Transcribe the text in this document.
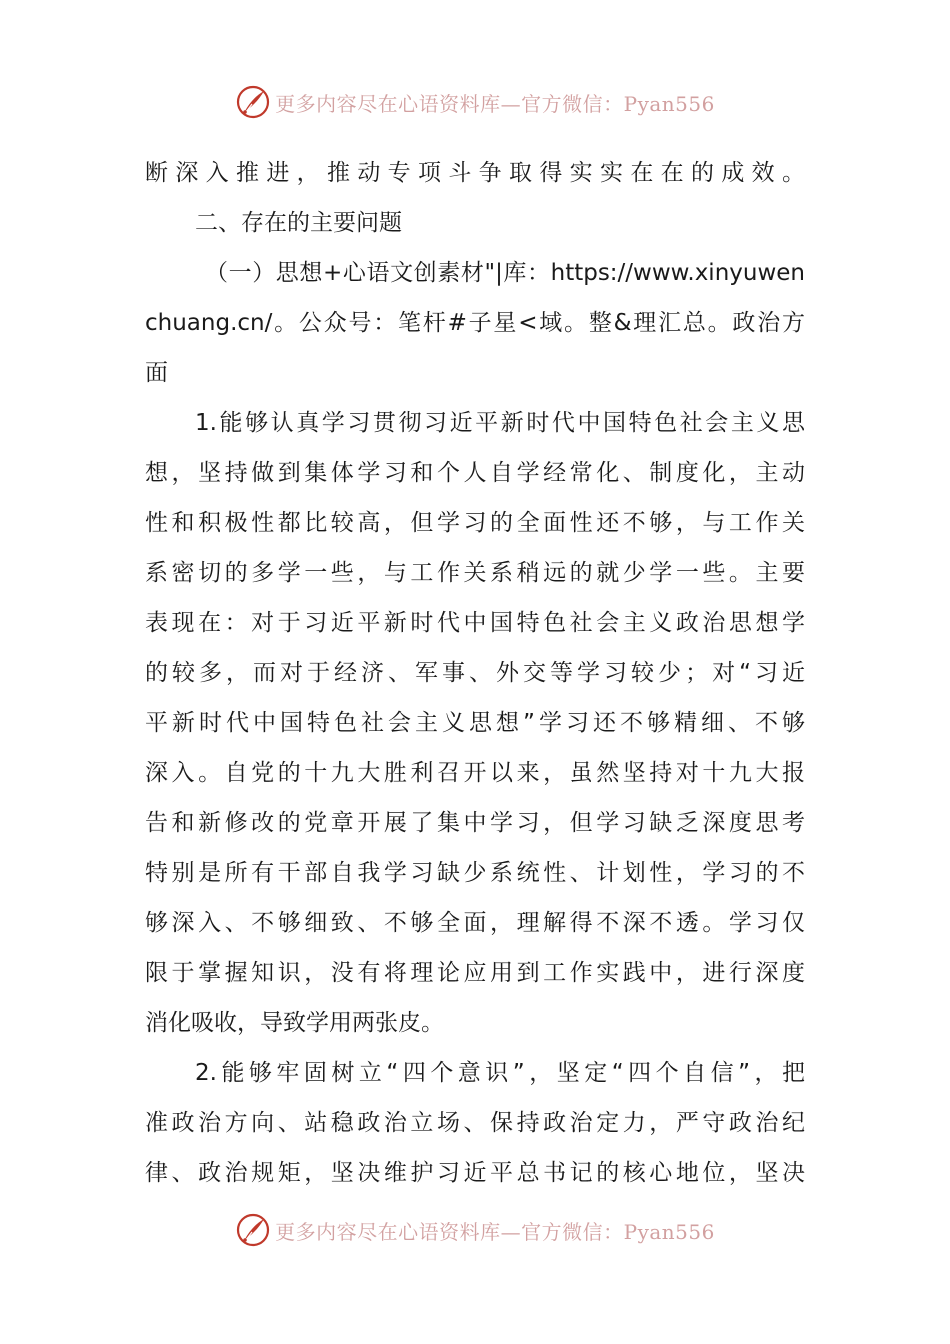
更多内容尽在心语资料库—官方微信：Pyan556
断深入推进，推动专项斗争取得实实在在的成效。
二、存在的主要问题
（一）思想+心语文创素材"|库：https://www.xinyuwen
chuang.cn/。公众号：笔杆#子星<域。整&理汇总。政治方
面
1.能够认真学习贯彻习近平新时代中国特色社会主义思
想，坚持做到集体学习和个人自学经常化、制度化，主动
性和积极性都比较高，但学习的全面性还不够，与工作关
系密切的多学一些，与工作关系稍远的就少学一些。主要
表现在：对于习近平新时代中国特色社会主义政治思想学
的较多，而对于经济、军事、外交等学习较少；对“习近
平新时代中国特色社会主义思想”学习还不够精细、不够
深入。自党的十九大胜利召开以来，虽然坚持对十九大报
告和新修改的党章开展了集中学习，但学习缺乏深度思考
特别是所有干部自我学习缺少系统性、计划性，学习的不
够深入、不够细致、不够全面，理解得不深不透。学习仅
限于掌握知识，没有将理论应用到工作实践中，进行深度
消化吸收，导致学用两张皮。
2.能够牢固树立“四个意识”，坚定“四个自信”，把
准政治方向、站稳政治立场、保持政治定力，严守政治纪
律、政治规矩，坚决维护习近平总书记的核心地位，坚决
更多内容尽在心语资料库—官方微信：Pyan556
